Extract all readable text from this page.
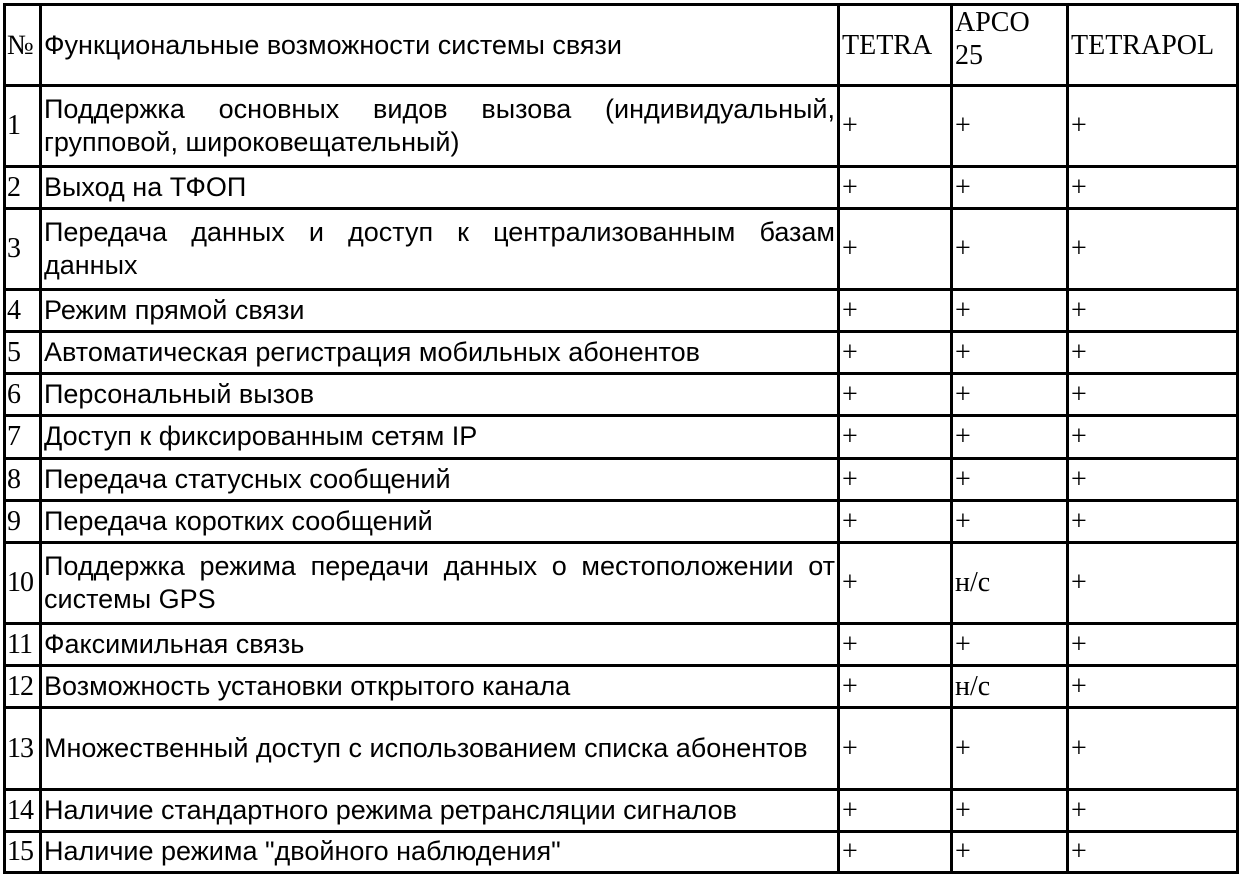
№	Функциональные возможности системы связи	TETRA	APCO 25	TETRAPOL
1	Поддержка основных видов вызова (индивидуальный, групповой, широковещательный)	+	+	+
2	Выход на ТФОП	+	+	+
3	Передача данных и доступ к централизованным базам данных	+	+	+
4	Режим прямой связи	+	+	+
5	Автоматическая регистрация мобильных абонентов	+	+	+
6	Персональный вызов	+	+	+
7	Доступ к фиксированным сетям IP	+	+	+
8	Передача статусных сообщений	+	+	+
9	Передача коротких сообщений	+	+	+
10	Поддержка режима передачи данных о местоположении от системы GPS	+	н/с	+
11	Факсимильная связь	+	+	+
12	Возможность установки открытого канала	+	н/с	+
13	Множественный доступ с использованием списка абонентов	+	+	+
14	Наличие стандартного режима ретрансляции сигналов	+	+	+
15	Наличие режима "двойного наблюдения"	+	+	+
